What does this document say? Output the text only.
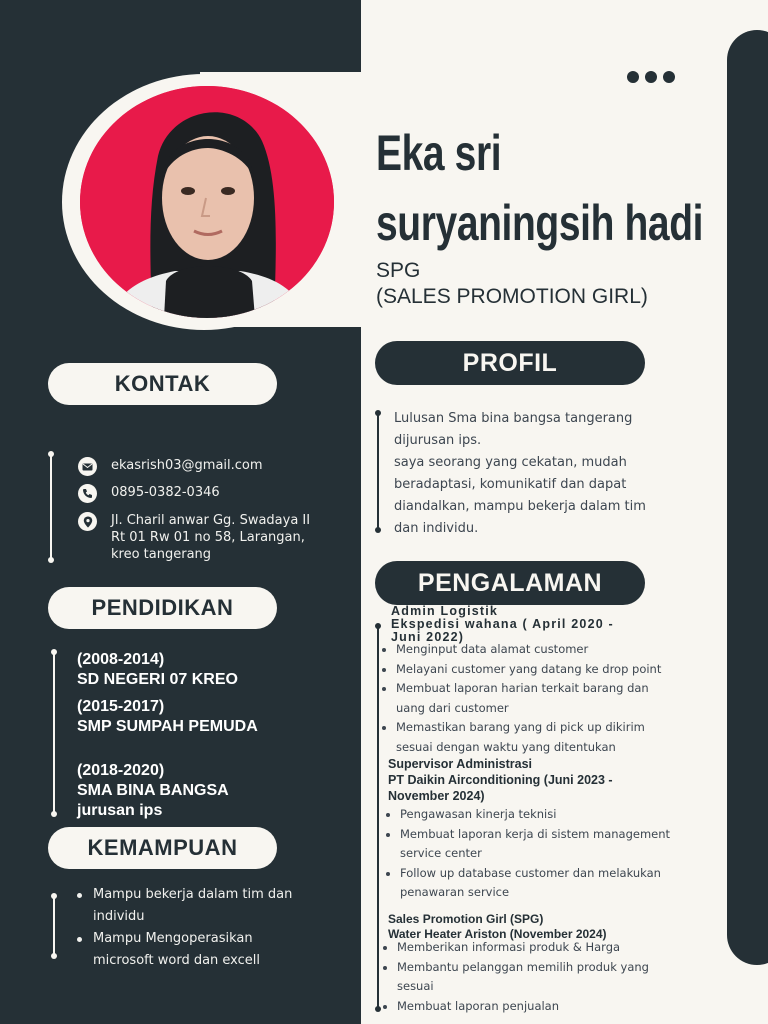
Eka sri
suryaningsih hadi
SPG
(SALES PROMOTION GIRL)
KONTAK
ekasrish03@gmail.com
0895-0382-0346
Jl. Charil anwar Gg. Swadaya II
Rt 01 Rw 01 no 58, Larangan,
kreo tangerang
PENDIDIKAN
(2008-2014)
SD NEGERI 07 KREO
(2015-2017)
SMP SUMPAH PEMUDA
(2018-2020)
SMA BINA BANGSA
jurusan ips
KEMAMPUAN
Mampu bekerja dalam tim dan individu
Mampu Mengoperasikan microsoft word dan excell
PROFIL
Lulusan Sma bina bangsa tangerang
dijurusan ips.
saya seorang yang cekatan, mudah
beradaptasi, komunikatif dan dapat
diandalkan, mampu bekerja dalam tim
dan individu.
PENGALAMAN
Admin Logistik
Ekspedisi wahana ( April 2020 -
Juni 2022)
Menginput data alamat customer
Melayani customer yang datang ke drop point
Membuat laporan harian terkait barang dan uang dari customer
Memastikan barang yang di pick up dikirim sesuai dengan waktu yang ditentukan
Supervisor Administrasi
PT Daikin Airconditioning (Juni 2023 -
November 2024)
Pengawasan kinerja teknisi
Membuat laporan kerja di sistem management service center
Follow up database customer dan melakukan penawaran service
Sales Promotion Girl (SPG)
Water Heater Ariston (November 2024)
Memberikan informasi produk & Harga
Membantu pelanggan memilih produk yang sesuai
Membuat laporan penjualan
